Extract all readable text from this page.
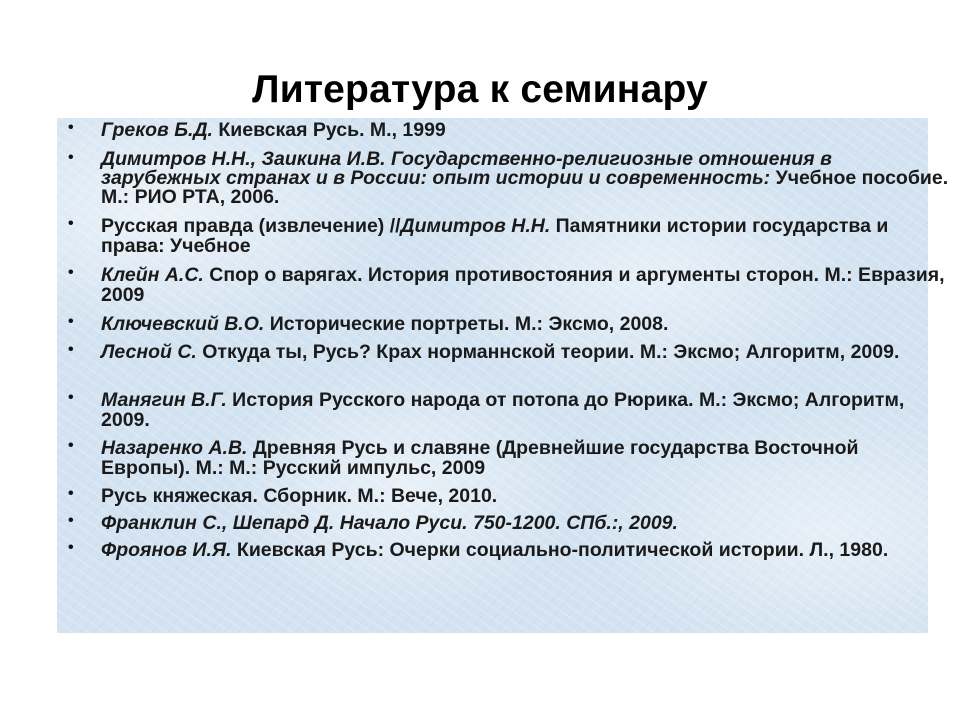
Литература к семинару
• Греков Б.Д. Киевская Русь. М., 1999
• Димитров Н.Н., Заикина И.В. Государственно-религиозные отношения в зарубежных странах и в России: опыт истории и современность: Учебное пособие. М.: РИО РТА, 2006.
• Русская правда (извлечение) //Димитров Н.Н. Памятники истории государства и права: Учебное
• Клейн А.С. Спор о варягах. История противостояния и аргументы сторон. М.: Евразия, 2009
• Ключевский В.О. Исторические портреты. М.: Эксмо, 2008.
• Лесной С. Откуда ты, Русь? Крах норманнской теории. М.: Эксмо; Алгоритм, 2009.
• Манягин В.Г. История Русского народа от потопа до Рюрика. М.: Эксмо; Алгоритм, 2009.
• Назаренко А.В. Древняя Русь и славяне (Древнейшие государства Восточной Европы). М.: М.: Русский импульс, 2009
• Русь княжеская. Сборник. М.: Вече, 2010.
• Франклин С., Шепард Д. Начало Руси. 750-1200. СПб.:, 2009.
• Фроянов И.Я. Киевская Русь: Очерки социально-политической истории. Л., 1980.
